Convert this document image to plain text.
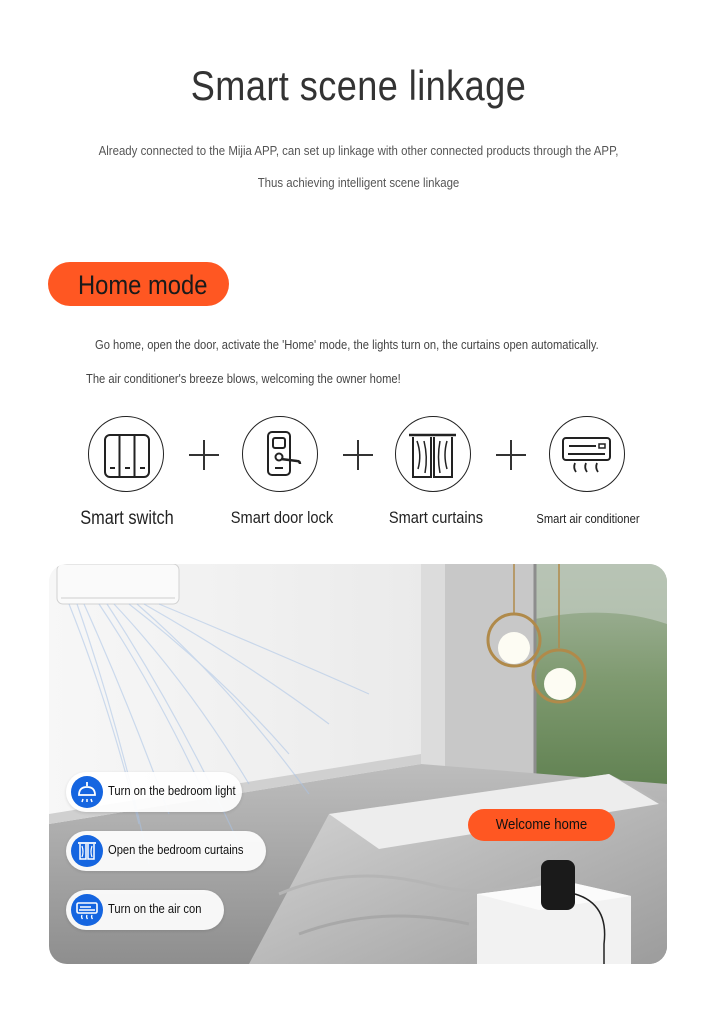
Smart scene linkage
Already connected to the Mijia APP, can set up linkage with other connected products through the APP,
Thus achieving intelligent scene linkage
Home mode
Go home, open the door, activate the 'Home' mode, the lights turn on, the curtains open automatically.
The air conditioner's breeze blows, welcoming the owner home!
Smart switch	Smart door lock	Smart curtains	Smart air conditioner
Turn on the bedroom light
Open the bedroom curtains
Turn on the air con
Welcome home
